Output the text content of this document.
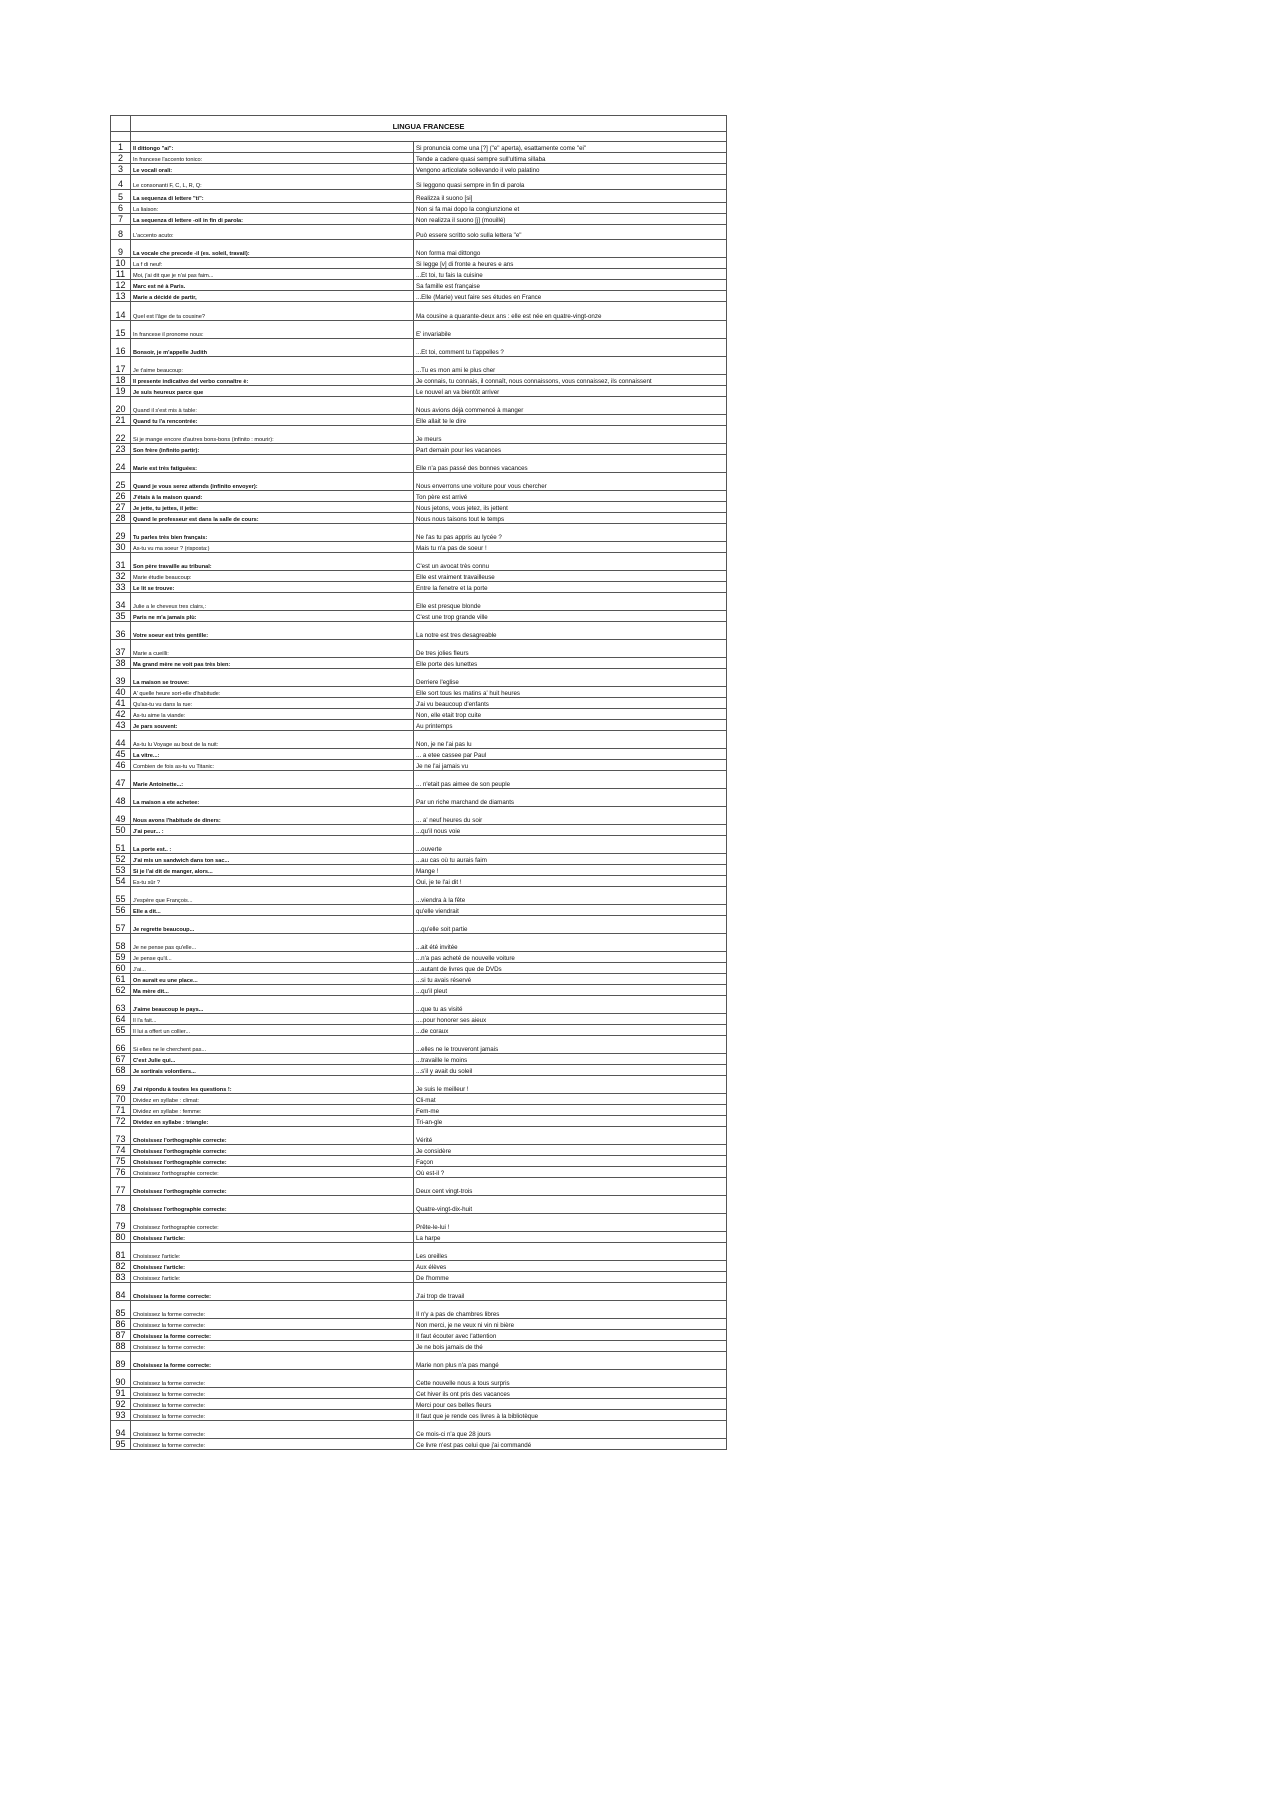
	LINGUA FRANCESE	

1	Il dittongo "ai":	Si pronuncia come una [?] ("e" aperta), esattamente come "ei"
2	In francese l'accento tonico:	Tende a cadere quasi sempre sull'ultima sillaba
3	Le vocali orali:	Vengono articolate sollevando il velo palatino
4	Le consonanti F, C, L, R, Q:	Si leggono quasi sempre in fin di parola
5	La sequenza di lettere "ti":	Realizza il suono [si]
6	La liaison:	Non si fa mai dopo la congiunzione et
7	La sequenza di lettere -oil in fin di parola:	Non realizza il suono [j] (mouillé)
8	L'accento acuto:	Può essere scritto solo sulla lettera "e"
9	La vocale che precede -il (es. soleil, travail):	Non forma mai dittongo
10	La f di neuf:	Si legge [v] di fronte a heures e ans
11	Moi, j'ai dit que je n'ai pas faim...	...Et toi, tu fais la cuisine
12	Marc est né à Paris.	Sa famille est française
13	Marie a décidé de partir,	...Elle (Marie) veut faire ses études en France
14	Quel est l'âge de ta cousine?	Ma cousine a quarante-deux ans : elle est née en quatre-vingt-onze
15	In francese il pronome nous:	E' invariabile
16	Bonsoir, je m'appelle Judith	...Et toi, comment tu t'appelles ?
17	Je t'aime beaucoup:	...Tu es mon ami le plus cher
18	Il presente indicativo del verbo connaître è:	Je connais, tu connais, il connaît, nous connaissons, vous connaissez, ils connaissent
19	Je suis heureux parce que	Le nouvel an va bientôt arriver
20	Quand il s'est mis à table:	Nous avions déjà commencé à manger
21	Quand tu l'a rencontrée:	Elle allait te le dire
22	Si je mange encore d'autres bons-bons (infinito : mourir):	Je meurs
23	Son frère (infinito partir):	Part demain pour les vacances
24	Marie est très fatiguées:	Elle n'a pas passé des bonnes vacances
25	Quand je vous serez attends (infinito envoyer):	Nous enverrons une voiture pour vous chercher
26	J'étais à la maison quand:	Ton père est arrivé
27	Je jette, tu jettes, il jette:	Nous jetons, vous jetez, ils jettent
28	Quand le professeur est dans la salle de cours:	Nous nous taisons tout le temps
29	Tu parles très bien français:	Ne l'as tu pas appris au lycée ?
30	As-tu vu ma soeur ? (risposta:)	Mais tu n'a pas de soeur !
31	Son père travaille au tribunal:	C'est un avocat très connu
32	Marie étudie beaucoup:	Elle est vraiment travailleuse
33	Le lit se trouve:	Entre la fenetre et la porte
34	Julie a le cheveux tres clairs,:	Elle est presque blonde
35	Paris ne m'a jamais plù:	C'est une trop grande ville
36	Votre soeur est très gentille:	La notre est tres desagreable
37	Marie a cueilli:	De tres jolies fleurs
38	Ma grand mère ne voit pas très bien:	Elle porte des lunettes
39	La maison se trouve:	Derriere l'eglise
40	A' quelle heure sort-elle d'habitude:	Elle sort tous les matins a' huit heures
41	Qu'as-tu vu dans la rue:	J'ai vu beaucoup d'enfants
42	As-tu aime la viande:	Non, elle etait trop cuite
43	Je pars souvent:	Au printemps
44	As-tu lu Voyage au bout de la nuit:	Non, je ne l'ai pas lu
45	La vitre...:	... a etee cassee par Paul
46	Combien de fois as-tu vu Titanic:	Je ne l'ai jamais vu
47	Marie Antoinette...:	... n'etait pas aimee de son peuple
48	La maison a ete achetee:	Par un riche marchand de diamants
49	Nous avons l'habitude de diners:	... a' neuf heures du soir
50	J'ai peur... :	...qu'il nous voie
51	La porte est.. :	...ouverte
52	J'ai mis un sandwich dans ton sac...	...au cas où tu aurais faim
53	Si je l'ai dit de manger, alors...	Mange !
54	Es-tu sûr ?	Oui, je te l'ai dit !
55	J'espère que François...	...viendra à la fête
56	Elle a dit...	qu'elle viendrait
57	Je regrette beaucoup...	...qu'elle soit partie
58	Je ne pense pas qu'elle...	...ait été invitée
59	Je pense qu'il...	...n'a pas acheté de nouvelle voiture
60	J'ai...	...autant de livres que de DVDs
61	On aurait eu une place...	...si tu avais réservé
62	Ma mère dit...	...qu'il pleut
63	J'aime beaucoup le pays...	...que tu as visité
64	Il l'a fait...	....pour honorer ses aieux
65	Il lui a offert un collier...	...de coraux
66	Si elles ne le cherchent pas...	...elles ne le trouveront jamais
67	C'est Julie qui...	...travaille le moins
68	Je sortirais volontiers...	...s'il y avait du soleil
69	J'ai répondu à toutes les questions !:	Je suis le meilleur !
70	Dividez en syllabe : climat:	Cli-mat
71	Dividez en syllabe : femme:	Fem-me
72	Dividez en syllabe : triangle:	Tri-an-gle
73	Choisissez l'orthographie correcte:	Vérité
74	Choisissez l'orthographie correcte:	Je considère
75	Choisissez l'orthographie correcte:	Façon
76	Choisissez l'orthographie correcte:	Où est-il ?
77	Choisissez l'orthographie correcte:	Deux cent vingt-trois
78	Choisissez l'orthographie correcte:	Quatre-vingt-dix-huit
79	Choisissez l'orthographie correcte:	Prête-le-lui !
80	Choisissez l'article:	La harpe
81	Choisissez l'article:	Les oreilles
82	Choisissez l'article:	Aux élèves
83	Choisissez l'article:	De l'homme
84	Choisissez la forme correcte:	J'ai trop de travail
85	Choisissez la forme correcte:	Il n'y a pas de chambres libres
86	Choisissez la forme correcte:	Non merci, je ne veux ni vin ni bière
87	Choisissez la forme correcte:	Il faut écouter avec l'attention
88	Choisissez la forme correcte:	Je ne bois jamais de thé
89	Choisissez la forme correcte:	Marie non plus n'a pas mangé
90	Choisissez la forme correcte:	Cette nouvelle nous a tous surpris
91	Choisissez la forme correcte:	Cet hiver ils ont pris des vacances
92	Choisissez la forme correcte:	Merci pour ces belles fleurs
93	Choisissez la forme correcte:	Il faut que je rende ces livres à la bibliotèque
94	Choisissez la forme correcte:	Ce mois-ci n'a que 28 jours
95	Choisissez la forme correcte:	Ce livre n'est pas celui que j'ai commandé
